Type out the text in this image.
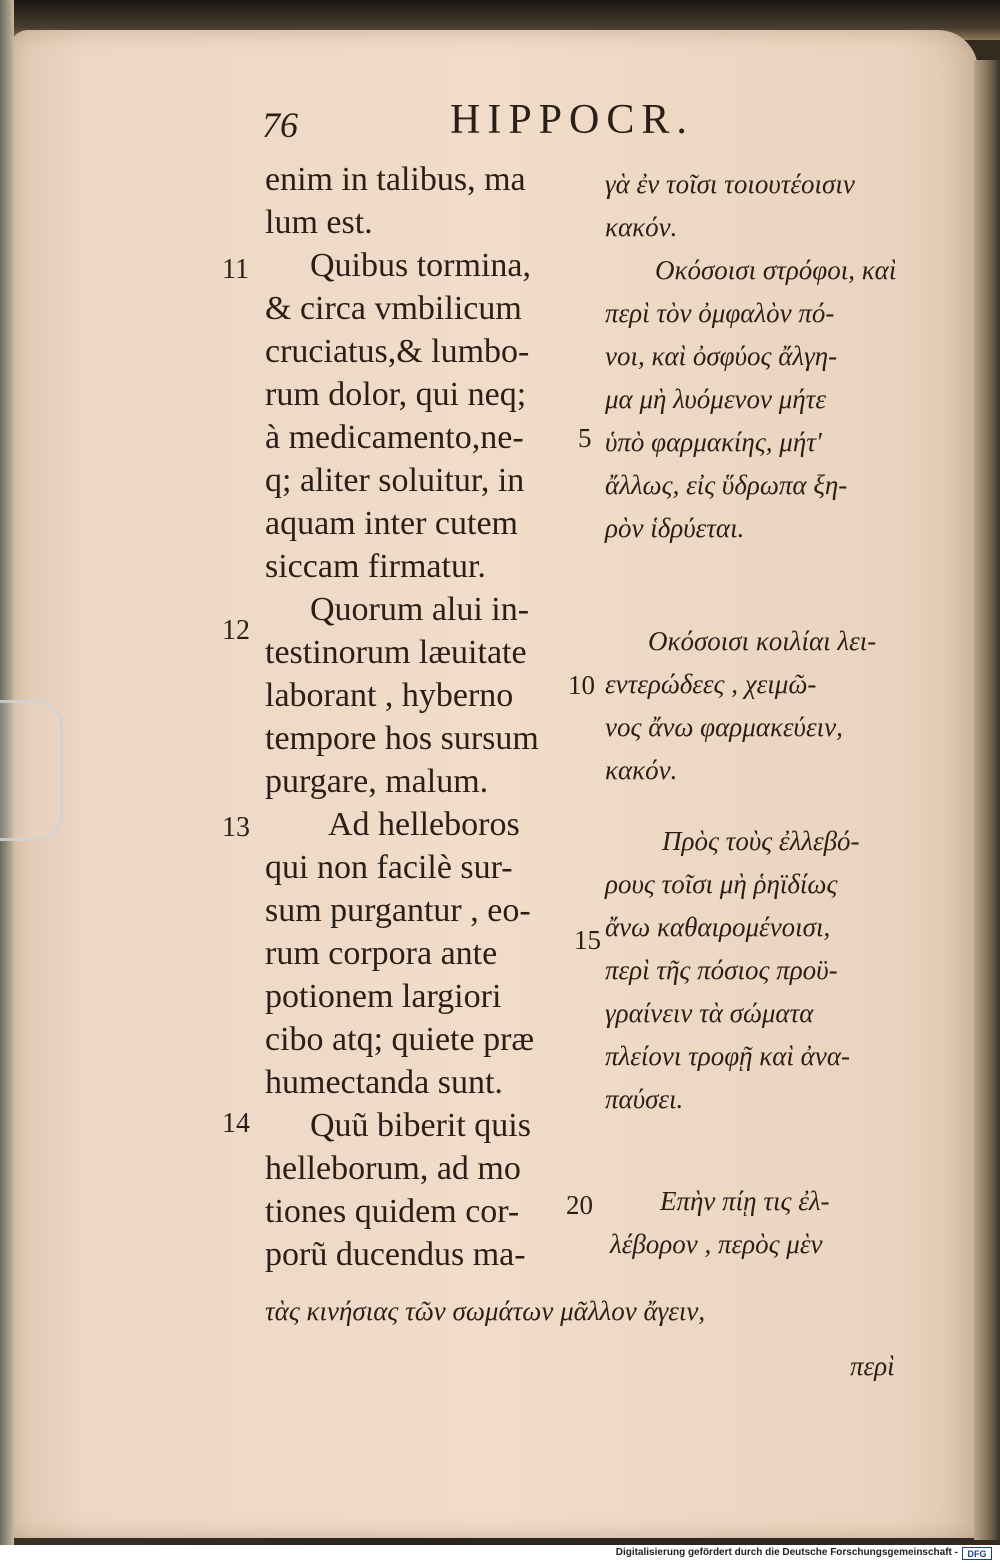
76	HIPPOCR.
enim in talibus, ma
lum est.
Quibus tormina,
& circa vmbilicum
cruciatus,& lumbo-
rum dolor, qui neq;
à medicamento,ne-
q; aliter soluitur, in
aquam inter cutem
siccam firmatur.
Quorum alui in-
testinorum læuitate
laborant , hyberno
tempore hos sursum
purgare, malum.
Ad helleboros
qui non facilè sur-
sum purgantur , eo-
rum corpora ante
potionem largiori
cibo atq; quiete præ
humectanda sunt.
Quũ biberit quis
helleborum, ad mo
tiones quidem cor-
porũ ducendus ma-
11
12
13
14
γὰ ἐν τοῖσι τοιουτέοισιν
κακόν.
Οκόσοισι στρόφοι, καὶ
περὶ τὸν ὀμφαλὸν πό-
νοι, καὶ ὀσφύος ἄλγη-
μα μὴ λυόμενον μήτε
ὑπὸ φαρμακίης, μήτ'
ἄλλως, εἰς ὕδρωπα ξη-
ρὸν ἱδρύεται.
Οκόσοισι κοιλίαι λει-
εντερώδεες , χειμῶ-
νος ἄνω φαρμακεύειν,
κακόν.
Πρὸς τοὺς ἐλλεβό-
ρους τοῖσι μὴ ῥηϊδίως
ἄνω καθαιρομένοισι,
περὶ τῆς πόσιος προϋ-
γραίνειν τὰ σώματα
πλείονι τροφῇ καὶ ἀνα-
παύσει.
Επὴν πίῃ τις ἐλ-
λέβορον , περὸς μὲν
5
10
15
20
τὰς κινήσιας τῶν σωμάτων μᾶλλον ἄγειν,
περὶ
Digitalisierung gefördert durch die Deutsche Forschungsgemeinschaft -	DFG
